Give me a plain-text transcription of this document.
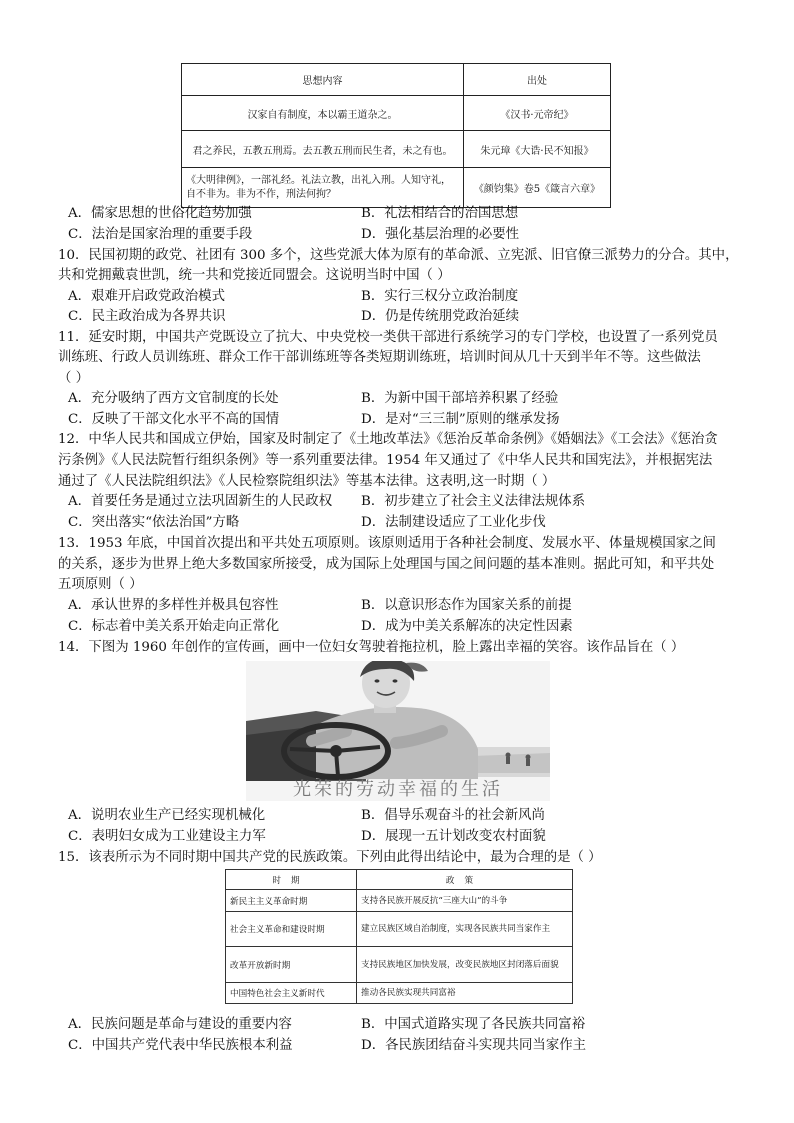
思想内容	出处
汉家自有制度，本以霸王道杂之。	《汉书·元帝纪》
君之养民，五教五刑焉。去五教五刑而民生者，未之有也。	朱元璋《大诰·民不知报》
《大明律例》，一部礼经。礼法立教，出礼入刑。人知守礼，自不非为。非为不作，刑法何拘？	《颜钧集》卷5《箴言六章》
A．儒家思想的世俗化趋势加强	B．礼法相结合的治国思想
C．法治是国家治理的重要手段	D．强化基层治理的必要性
10．民国初期的政党、社团有 300 多个，这些党派大体为原有的革命派、立宪派、旧官僚三派势力的分合。其中，
共和党拥戴袁世凯，统一共和党接近同盟会。这说明当时中国（ ）
A．艰难开启政党政治模式	B．实行三权分立政治制度
C．民主政治成为各界共识	D．仍是传统朋党政治延续
11．延安时期，中国共产党既设立了抗大、中央党校一类供干部进行系统学习的专门学校，也设置了一系列党员
训练班、行政人员训练班、群众工作干部训练班等各类短期训练班，培训时间从几十天到半年不等。这些做法
（ ）
A．充分吸纳了西方文官制度的长处	B．为新中国干部培养积累了经验
C．反映了干部文化水平不高的国情	D．是对“三三制”原则的继承发扬
12．中华人民共和国成立伊始，国家及时制定了《土地改革法》《惩治反革命条例》《婚姻法》《工会法》《惩治贪
污条例》《人民法院暂行组织条例》等一系列重要法律。1954 年又通过了《中华人民共和国宪法》，并根据宪法
通过了《人民法院组织法》《人民检察院组织法》等基本法律。这表明,这一时期（ ）
A．首要任务是通过立法巩固新生的人民政权 B．初步建立了社会主义法律法规体系
C．突出落实“依法治国”方略	D．法制建设适应了工业化步伐
13．1953 年底，中国首次提出和平共处五项原则。该原则适用于各种社会制度、发展水平、体量规模国家之间
的关系，逐步为世界上绝大多数国家所接受，成为国际上处理国与国之间问题的基本准则。据此可知，和平共处
五项原则（ ）
A．承认世界的多样性并极具包容性	B．以意识形态作为国家关系的前提
C．标志着中美关系开始走向正常化	D．成为中美关系解冻的决定性因素
14．下图为 1960 年创作的宣传画，画中一位妇女驾驶着拖拉机，脸上露出幸福的笑容。该作品旨在（ ）
光荣的劳动幸福的生活
A．说明农业生产已经实现机械化	B．倡导乐观奋斗的社会新风尚
C．表明妇女成为工业建设主力军	D．展现一五计划改变农村面貌
15．该表所示为不同时期中国共产党的民族政策。下列由此得出结论中，最为合理的是（ ）
时期	政策
新民主主义革命时期	支持各民族开展反抗“三座大山”的斗争
社会主义革命和建设时期	建立民族区域自治制度，实现各民族共同当家作主
改革开放新时期	支持民族地区加快发展，改变民族地区封闭落后面貌
中国特色社会主义新时代	推动各民族实现共同富裕
A．民族问题是革命与建设的重要内容	B．中国式道路实现了各民族共同富裕
C．中国共产党代表中华民族根本利益	D．各民族团结奋斗实现共同当家作主
